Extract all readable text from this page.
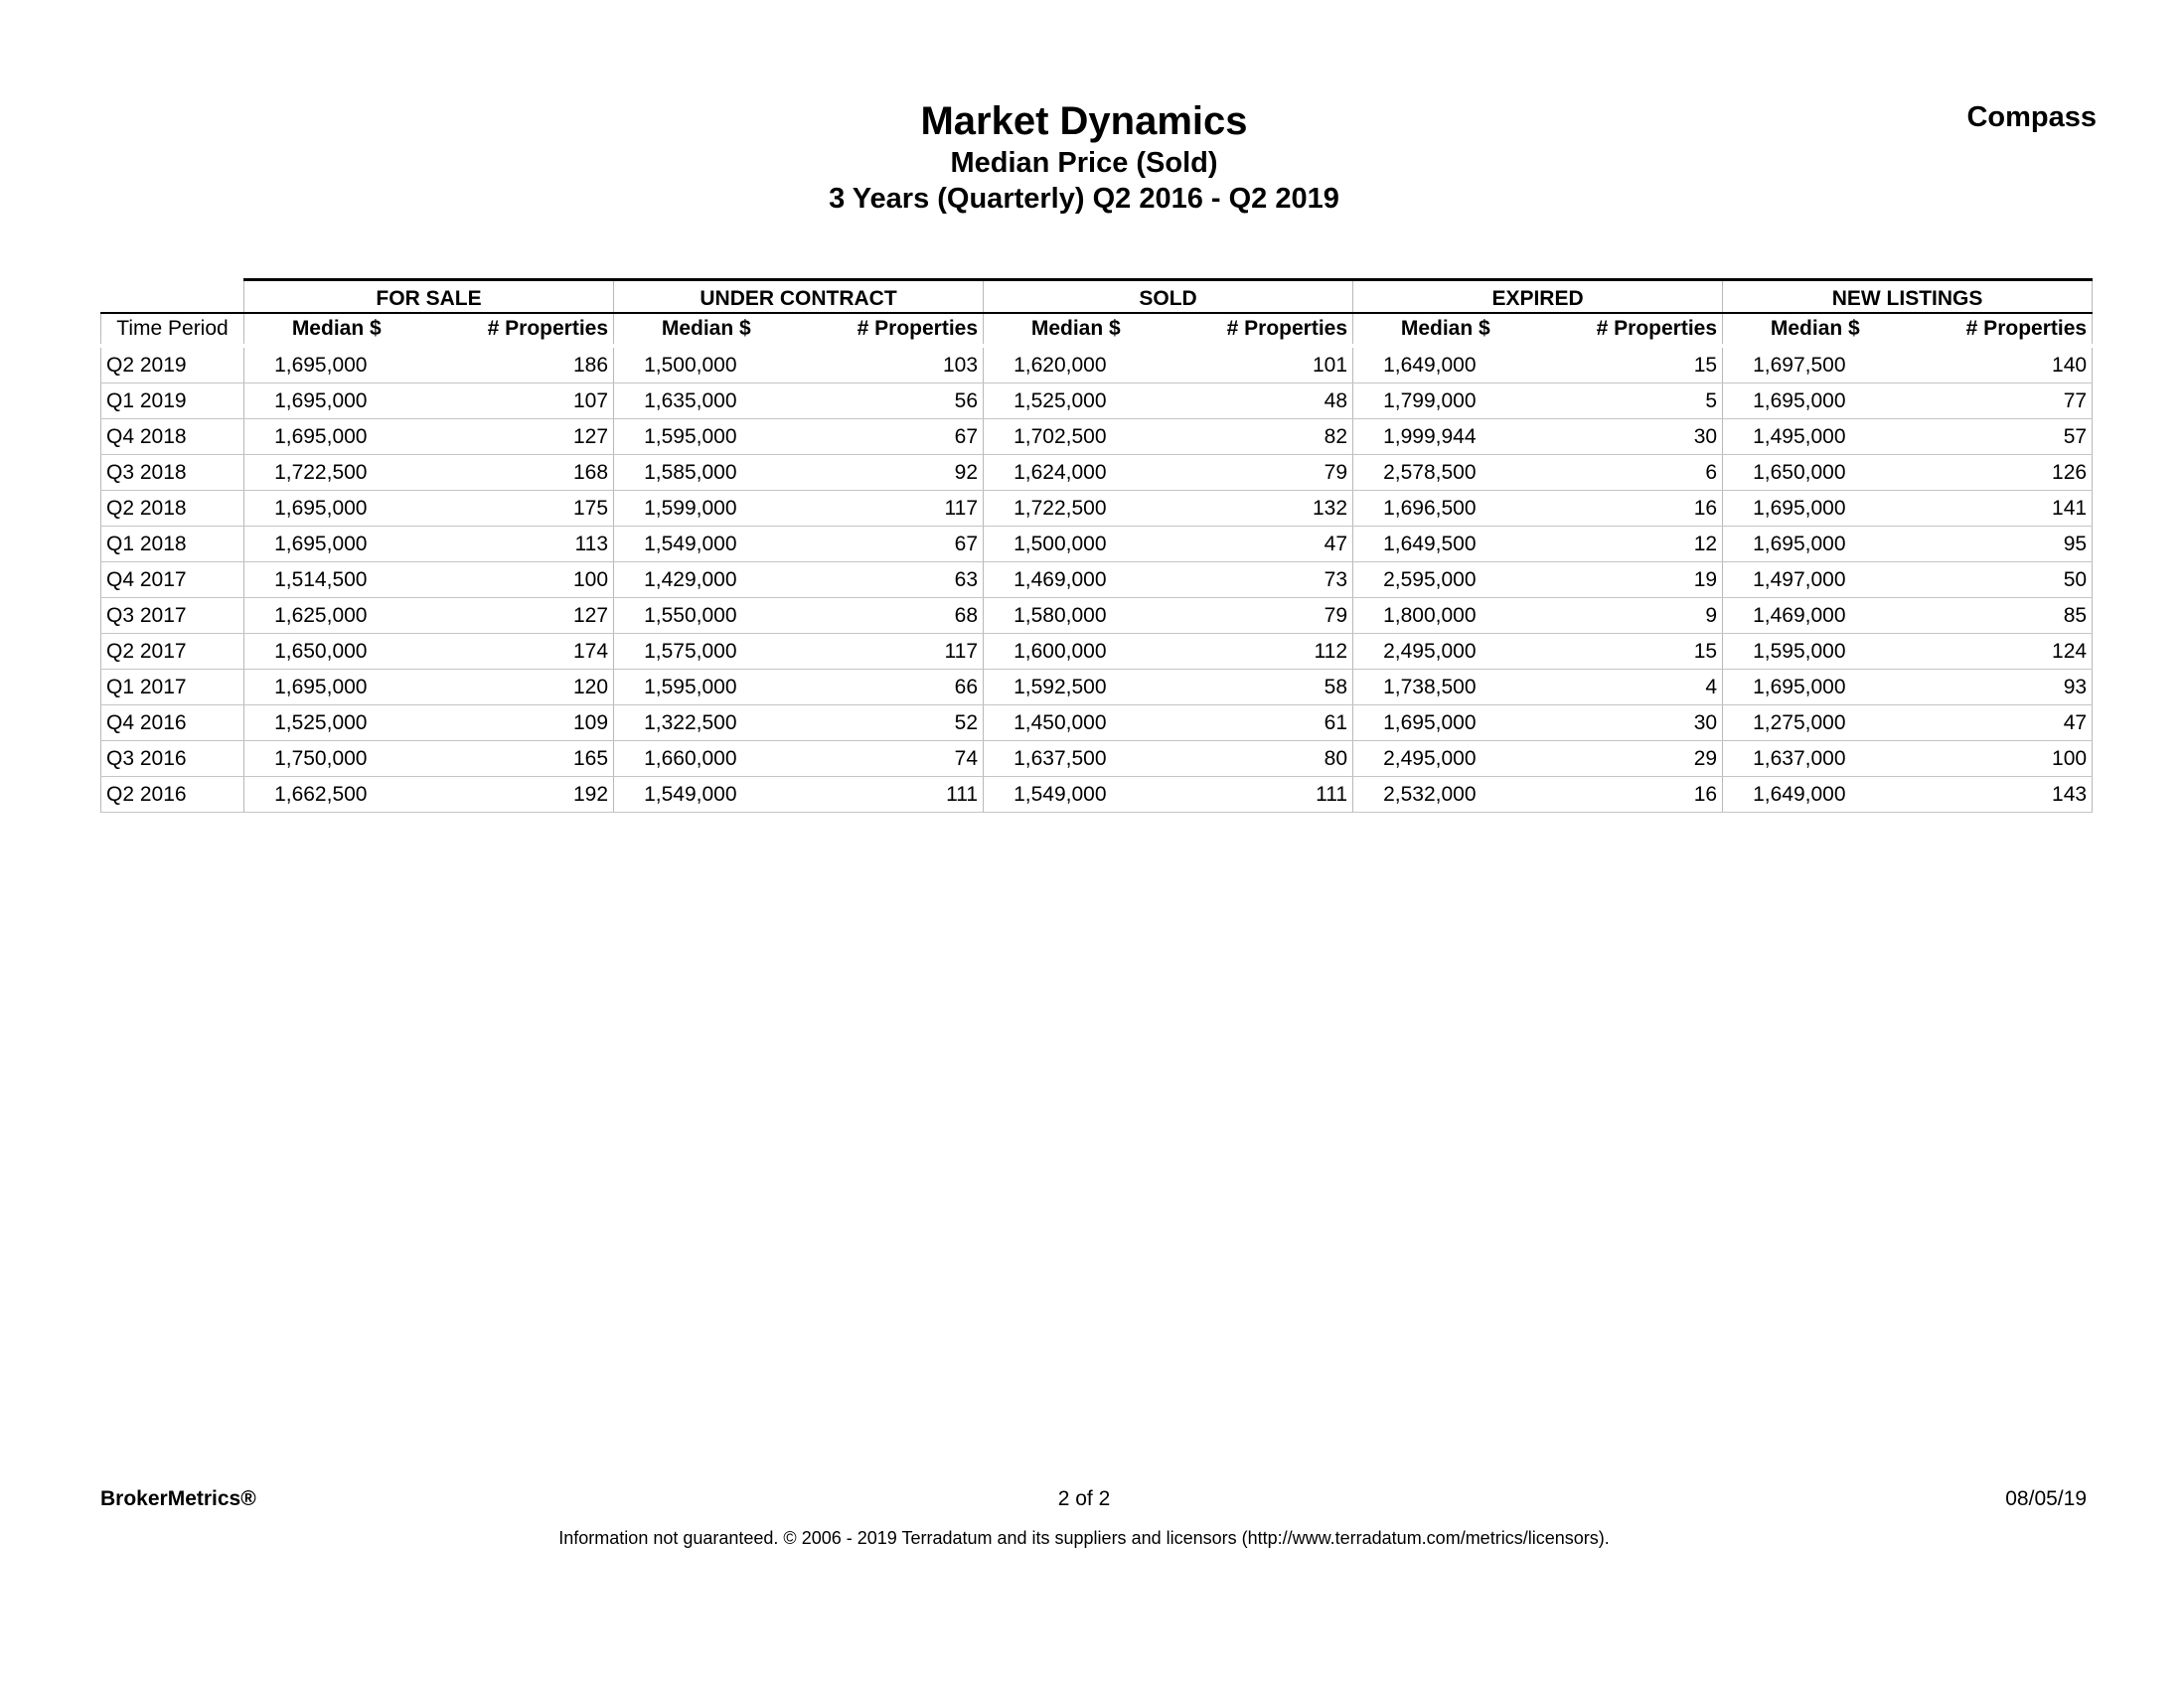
Market Dynamics
Median Price (Sold)
3 Years (Quarterly) Q2 2016 - Q2 2019
Compass
	FOR SALE		UNDER CONTRACT		SOLD		EXPIRED		NEW LISTINGS	
Time Period	Median $	# Properties	Median $	# Properties	Median $	# Properties	Median $	# Properties	Median $	# Properties
Q2 2019	1,695,000	186	1,500,000	103	1,620,000	101	1,649,000	15	1,697,500	140
Q1 2019	1,695,000	107	1,635,000	56	1,525,000	48	1,799,000	5	1,695,000	77
Q4 2018	1,695,000	127	1,595,000	67	1,702,500	82	1,999,944	30	1,495,000	57
Q3 2018	1,722,500	168	1,585,000	92	1,624,000	79	2,578,500	6	1,650,000	126
Q2 2018	1,695,000	175	1,599,000	117	1,722,500	132	1,696,500	16	1,695,000	141
Q1 2018	1,695,000	113	1,549,000	67	1,500,000	47	1,649,500	12	1,695,000	95
Q4 2017	1,514,500	100	1,429,000	63	1,469,000	73	2,595,000	19	1,497,000	50
Q3 2017	1,625,000	127	1,550,000	68	1,580,000	79	1,800,000	9	1,469,000	85
Q2 2017	1,650,000	174	1,575,000	117	1,600,000	112	2,495,000	15	1,595,000	124
Q1 2017	1,695,000	120	1,595,000	66	1,592,500	58	1,738,500	4	1,695,000	93
Q4 2016	1,525,000	109	1,322,500	52	1,450,000	61	1,695,000	30	1,275,000	47
Q3 2016	1,750,000	165	1,660,000	74	1,637,500	80	2,495,000	29	1,637,000	100
Q2 2016	1,662,500	192	1,549,000	111	1,549,000	111	2,532,000	16	1,649,000	143
BrokerMetrics®	2 of 2	08/05/19
Information not guaranteed. © 2006 - 2019 Terradatum and its suppliers and licensors (http://www.terradatum.com/metrics/licensors).
